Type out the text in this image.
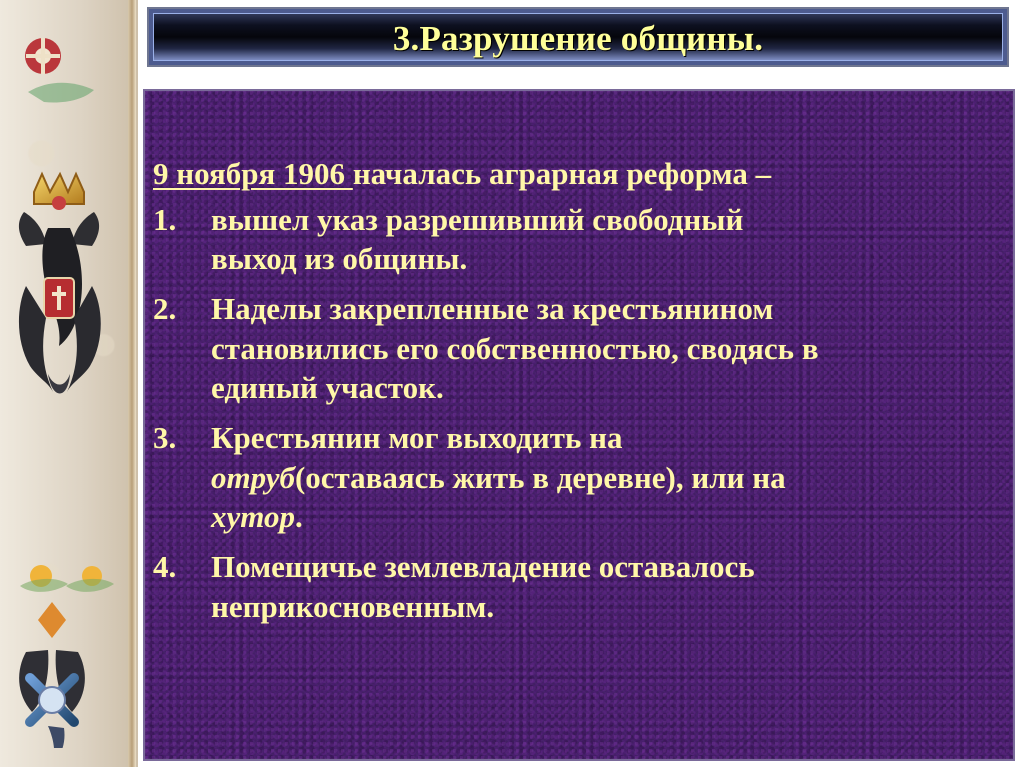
3.Разрушение общины.
9 ноября 1906 началась аграрная реформа –
1.	вышел указ разрешивший свободный
выход из общины.
2.	Наделы закрепленные за крестьянином
становились его собственностью, сводясь в
единый участок.
3.	Крестьянин мог выходить на
отруб(оставаясь жить в деревне), или на
хутор.
4.	Помещичье землевладение оставалось
неприкосновенным.
